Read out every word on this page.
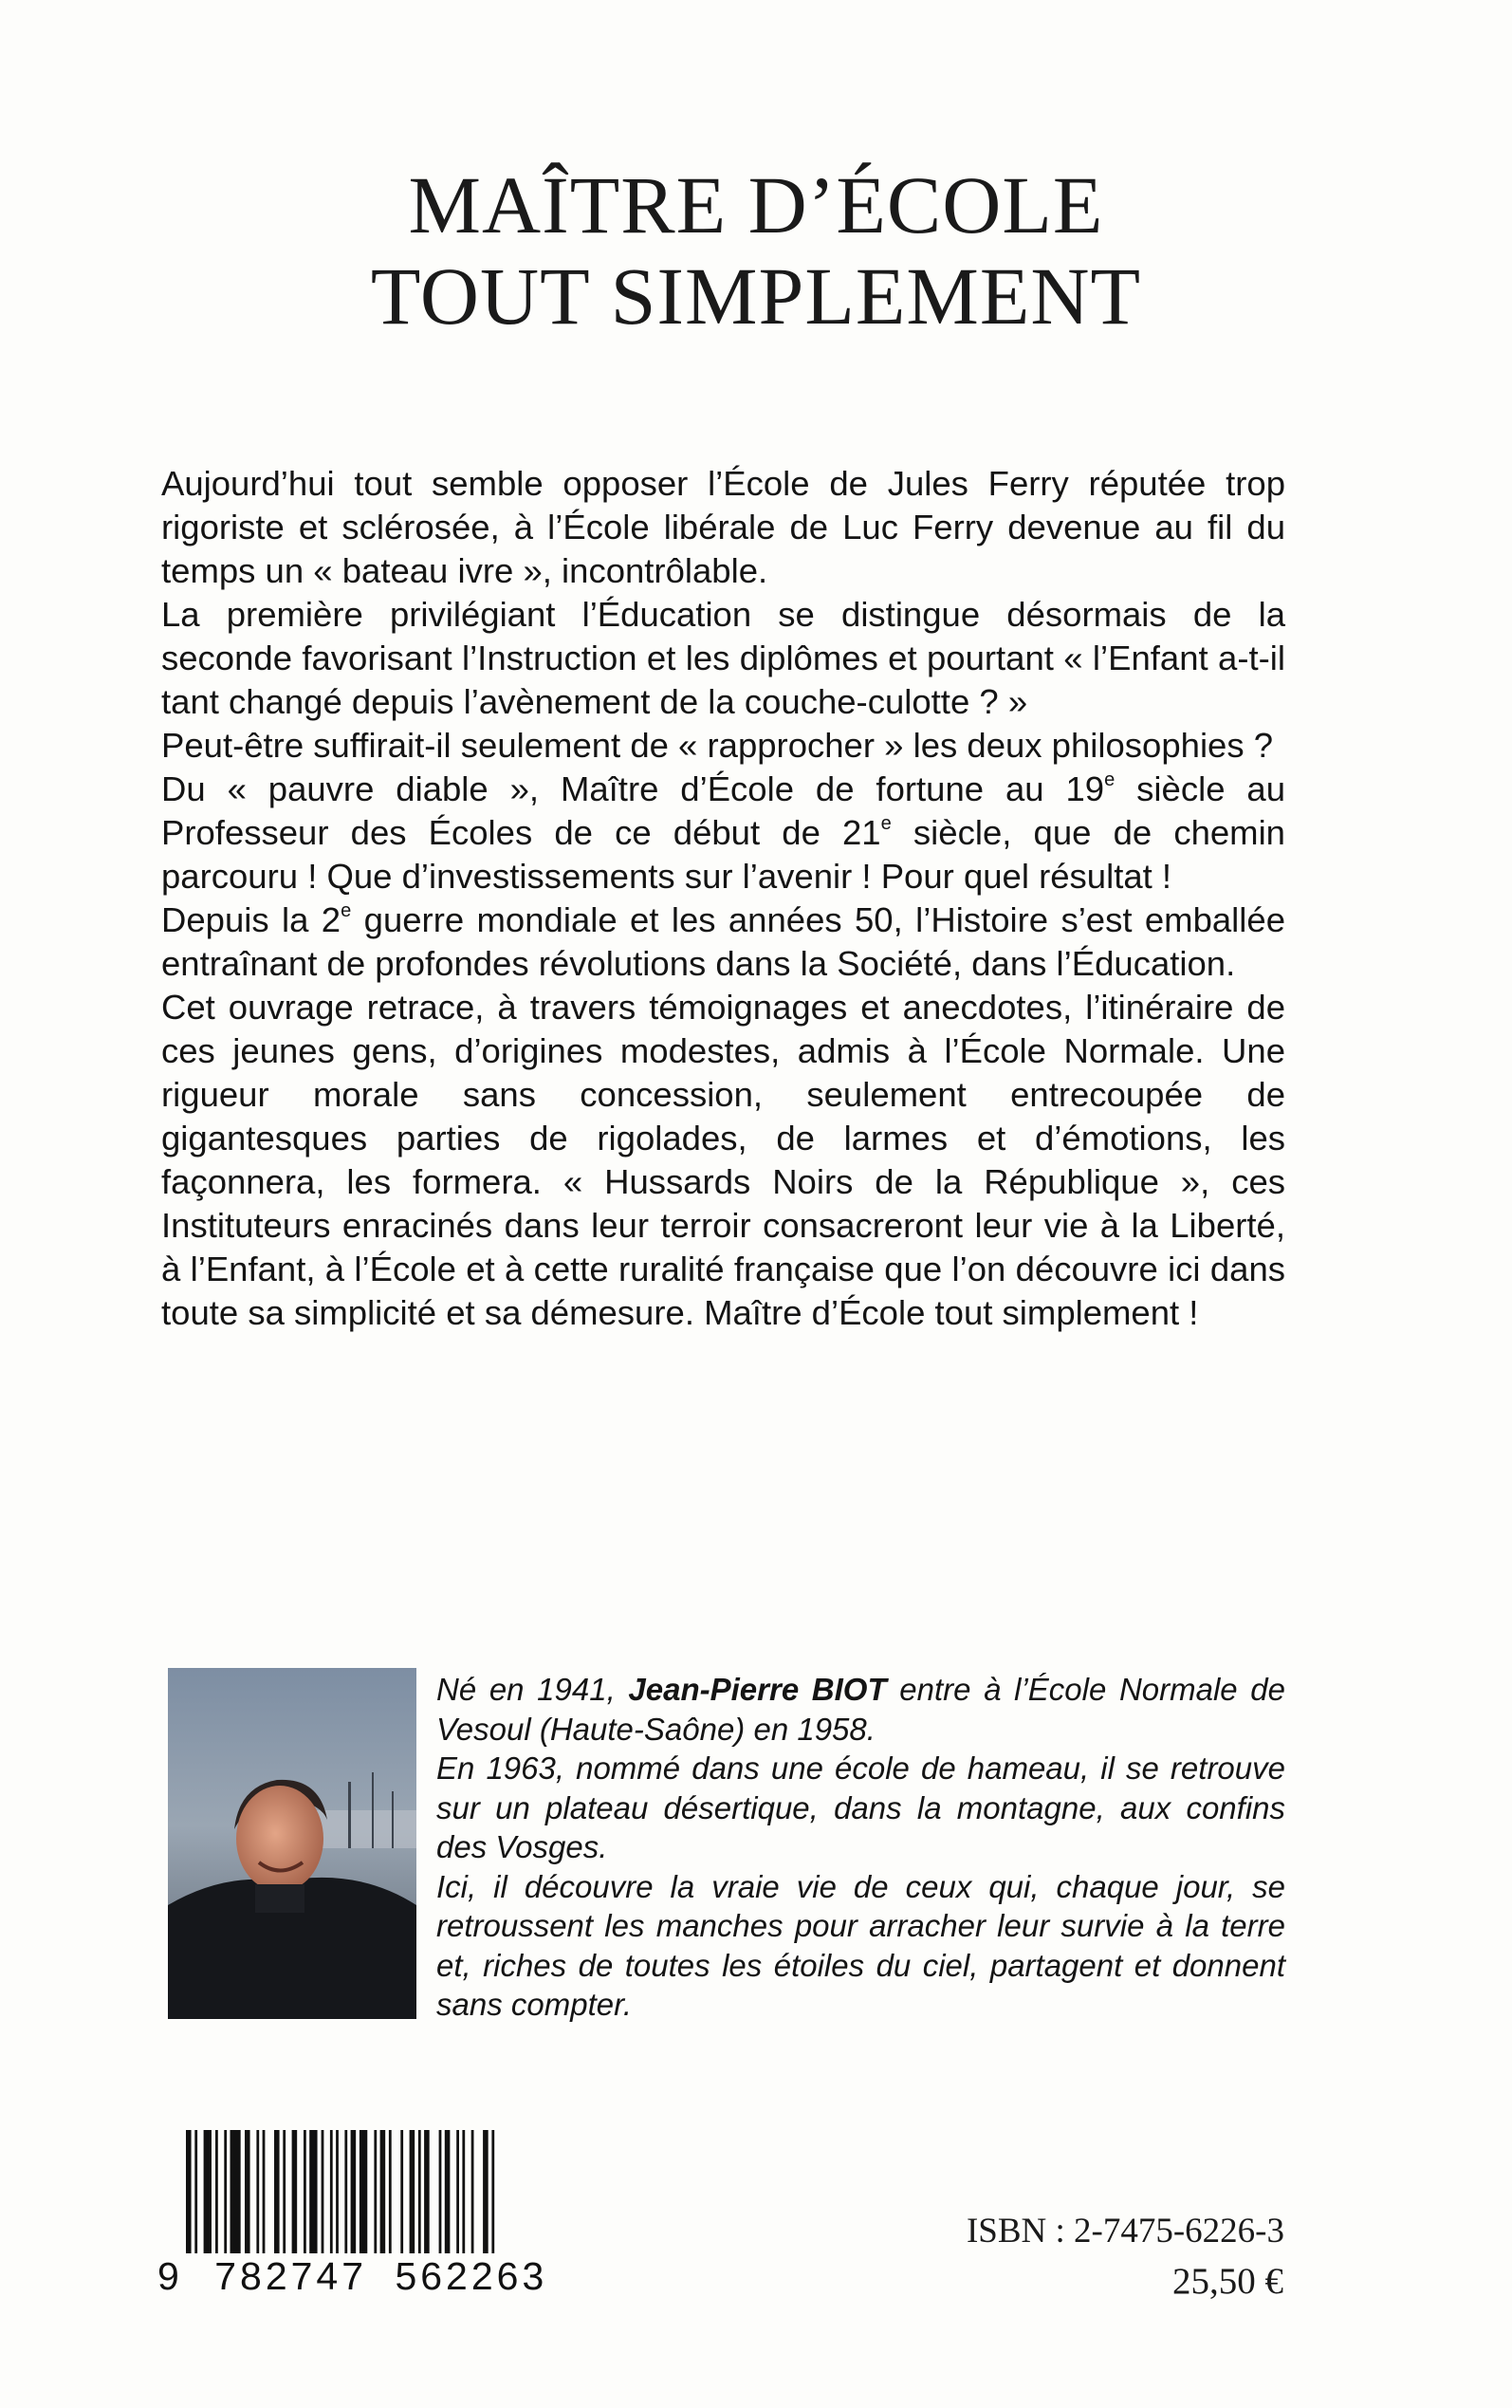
MAÎTRE D’ÉCOLE
TOUT SIMPLEMENT

Aujourd’hui tout semble opposer l’École de Jules Ferry réputée trop rigoriste et sclérosée, à l’École libérale de Luc Ferry devenue au fil du temps un « bateau ivre », incontrôlable.

La première privilégiant l’Éducation se distingue désormais de la seconde favorisant l’Instruction et les diplômes et pourtant « l’Enfant a-t-il tant changé depuis l’avènement de la couche-culotte ? »

Peut-être suffirait-il seulement de « rapprocher » les deux philosophies ?

Du « pauvre diable », Maître d’École de fortune au 19e siècle au Professeur des Écoles de ce début de 21e siècle, que de chemin parcouru ! Que d’investissements sur l’avenir ! Pour quel résultat !

Depuis la 2e guerre mondiale et les années 50, l’Histoire s’est emballée entraînant de profondes révolutions dans la Société, dans l’Éducation.

Cet ouvrage retrace, à travers témoignages et anecdotes, l’itinéraire de ces jeunes gens, d’origines modestes, admis à l’École Normale. Une rigueur morale sans concession, seulement entrecoupée de gigantesques parties de rigolades, de larmes et d’émotions, les façonnera, les formera. « Hussards Noirs de la République », ces Instituteurs enracinés dans leur terroir consacreront leur vie à la Liberté, à l’Enfant, à l’École et à cette ruralité française que l’on découvre ici dans toute sa simplicité et sa démesure. Maître d’École tout simplement !

Né en 1941, Jean-Pierre BIOT entre à l’École Normale de Vesoul (Haute-Saône) en 1958.

En 1963, nommé dans une école de hameau, il se retrouve sur un plateau désertique, dans la montagne, aux confins des Vosges.

Ici, il découvre la vraie vie de ceux qui, chaque jour, se retroussent les manches pour arracher leur survie à la terre et, riches de toutes les étoiles du ciel, partagent et donnent sans compter.

9 782747 562263
ISBN : 2-7475-6226-3
25,50 €
